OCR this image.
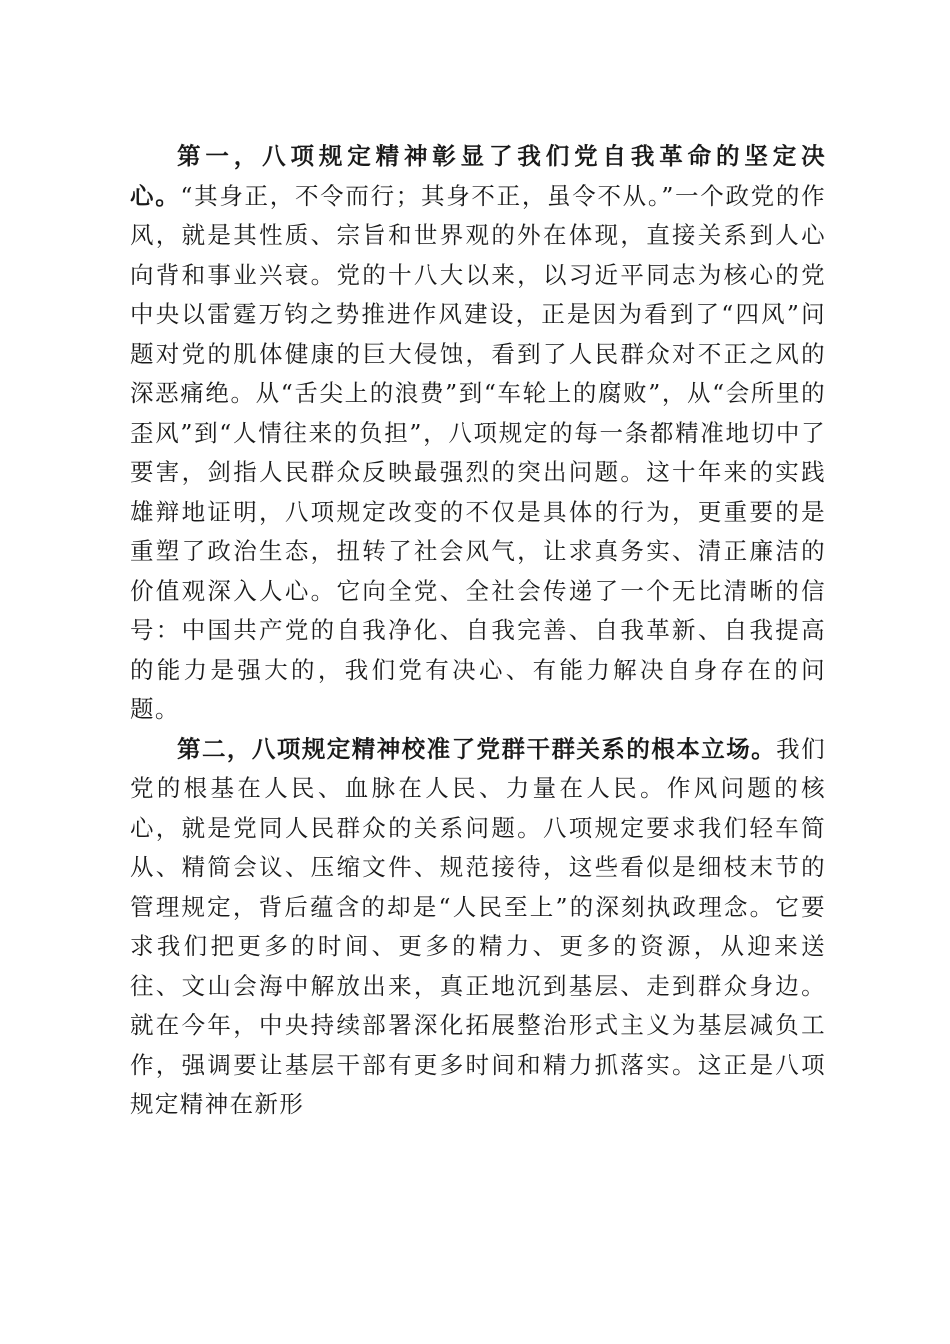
第一，八项规定精神彰显了我们党自我革命的坚定决心。“其身正，不令而行；其身不正，虽令不从。”一个政党的作风，就是其性质、宗旨和世界观的外在体现，直接关系到人心向背和事业兴衰。党的十八大以来，以习近平同志为核心的党中央以雷霆万钧之势推进作风建设，正是因为看到了“四风”问题对党的肌体健康的巨大侵蚀，看到了人民群众对不正之风的深恶痛绝。从“舌尖上的浪费”到“车轮上的腐败”，从“会所里的歪风”到“人情往来的负担”，八项规定的每一条都精准地切中了要害，剑指人民群众反映最强烈的突出问题。这十年来的实践雄辩地证明，八项规定改变的不仅是具体的行为，更重要的是重塑了政治生态，扭转了社会风气，让求真务实、清正廉洁的价值观深入人心。它向全党、全社会传递了一个无比清晰的信号：中国共产党的自我净化、自我完善、自我革新、自我提高的能力是强大的，我们党有决心、有能力解决自身存在的问题。

第二，八项规定精神校准了党群干群关系的根本立场。我们党的根基在人民、血脉在人民、力量在人民。作风问题的核心，就是党同人民群众的关系问题。八项规定要求我们轻车简从、精简会议、压缩文件、规范接待，这些看似是细枝末节的管理规定，背后蕴含的却是“人民至上”的深刻执政理念。它要求我们把更多的时间、更多的精力、更多的资源，从迎来送往、文山会海中解放出来，真正地沉到基层、走到群众身边。就在今年，中央持续部署深化拓展整治形式主义为基层减负工作，强调要让基层干部有更多时间和精力抓落实。这正是八项规定精神在新形
